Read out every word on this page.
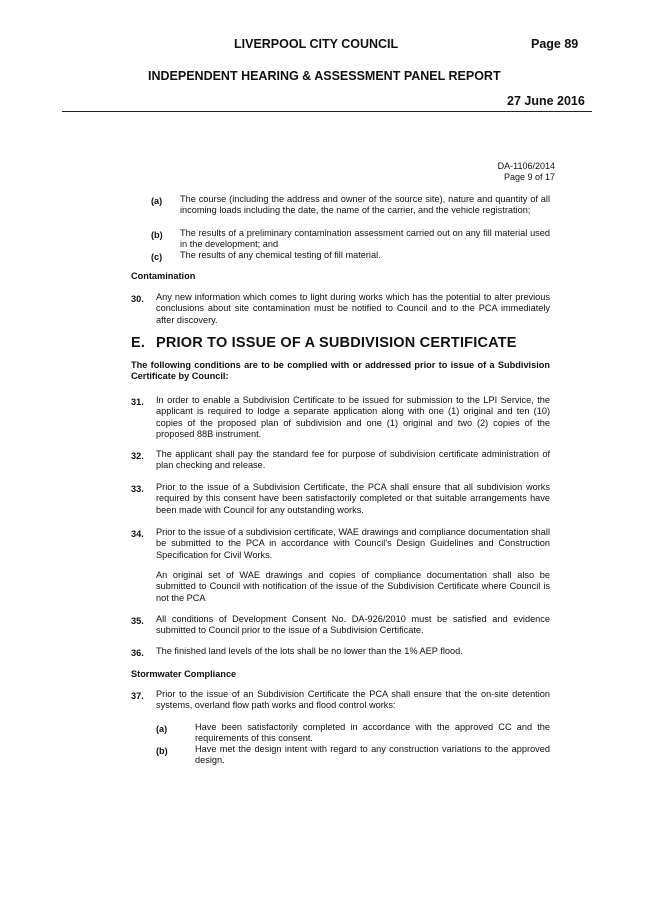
LIVERPOOL CITY COUNCIL	Page 89
INDEPENDENT HEARING & ASSESSMENT PANEL REPORT
27 June 2016
DA-1106/2014
Page 9 of 17
(a) The course (including the address and owner of the source site), nature and quantity of all incoming loads including the date, the name of the carrier, and the vehicle registration;
(b) The results of a preliminary contamination assessment carried out on any fill material used in the development; and
(c) The results of any chemical testing of fill material.
Contamination
30. Any new information which comes to light during works which has the potential to alter previous conclusions about site contamination must be notified to Council and to the PCA immediately after discovery.
E. PRIOR TO ISSUE OF A SUBDIVISION CERTIFICATE
The following conditions are to be complied with or addressed prior to issue of a Subdivision Certificate by Council:
31. In order to enable a Subdivision Certificate to be issued for submission to the LPI Service, the applicant is required to lodge a separate application along with one (1) original and ten (10) copies of the proposed plan of subdivision and one (1) original and two (2) copies of the proposed 88B instrument.
32. The applicant shall pay the standard fee for purpose of subdivision certificate administration of plan checking and release.
33. Prior to the issue of a Subdivision Certificate, the PCA shall ensure that all subdivision works required by this consent have been satisfactorily completed or that suitable arrangements have been made with Council for any outstanding works.
34. Prior to the issue of a subdivision certificate, WAE drawings and compliance documentation shall be submitted to the PCA in accordance with Council's Design Guidelines and Construction Specification for Civil Works.
An original set of WAE drawings and copies of compliance documentation shall also be submitted to Council with notification of the issue of the Subdivision Certificate where Council is not the PCA
35. All conditions of Development Consent No. DA-926/2010 must be satisfied and evidence submitted to Council prior to the issue of a Subdivision Certificate.
36. The finished land levels of the lots shall be no lower than the 1% AEP flood.
Stormwater Compliance
37. Prior to the issue of an Subdivision Certificate the PCA shall ensure that the on-site detention systems, overland flow path works and flood control works:
(a)	Have been satisfactorily completed in accordance with the approved CC and the requirements of this consent.
(b)	Have met the design intent with regard to any construction variations to the approved design.
